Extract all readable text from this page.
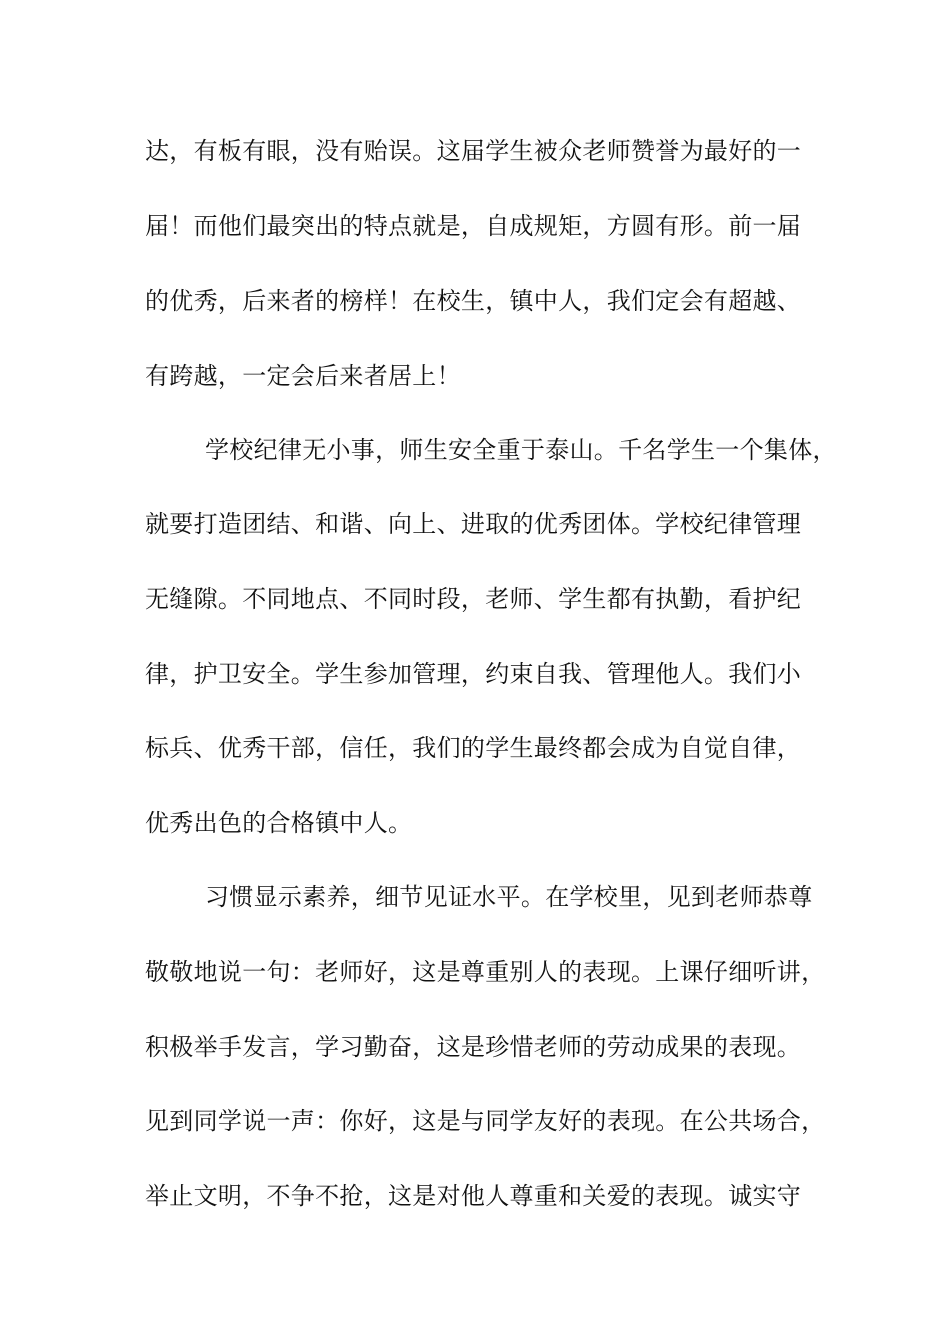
达，有板有眼，没有贻误。这届学生被众老师赞誉为最好的一
届！而他们最突出的特点就是，自成规矩，方圆有形。前一届
的优秀，后来者的榜样！在校生，镇中人，我们定会有超越、
有跨越，一定会后来者居上！
学校纪律无小事，师生安全重于泰山。千名学生一个集体，
就要打造团结、和谐、向上、进取的优秀团体。学校纪律管理
无缝隙。不同地点、不同时段，老师、学生都有执勤，看护纪
律，护卫安全。学生参加管理，约束自我、管理他人。我们小
标兵、优秀干部，信任，我们的学生最终都会成为自觉自律，
优秀出色的合格镇中人。
习惯显示素养，细节见证水平。在学校里，见到老师恭尊
敬敬地说一句：老师好，这是尊重别人的表现。上课仔细听讲，
积极举手发言，学习勤奋，这是珍惜老师的劳动成果的表现。
见到同学说一声：你好，这是与同学友好的表现。在公共场合，
举止文明，不争不抢，这是对他人尊重和关爱的表现。诚实守
